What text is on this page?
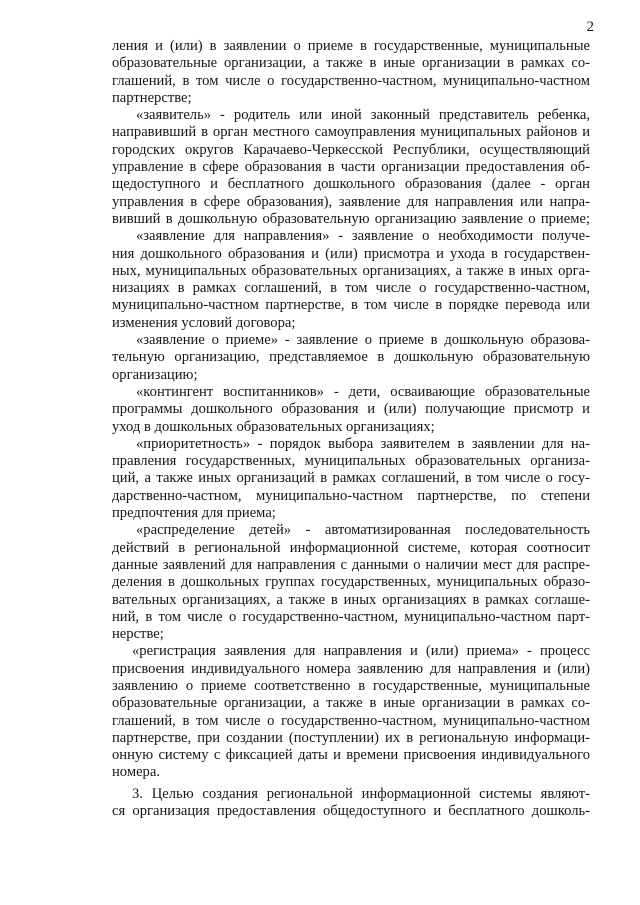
2
ления и (или) в заявлении о приеме в государственные, муниципальные
образовательные организации, а также в иные организации в рамках со-
глашений, в том числе о государственно-частном, муниципально-частном
партнерстве;
«заявитель» - родитель или иной законный представитель ребенка,
направивший в орган местного самоуправления муниципальных районов и
городских округов Карачаево-Черкесской Республики, осуществляющий
управление в сфере образования в части организации предоставления об-
щедоступного и бесплатного дошкольного образования (далее - орган
управления в сфере образования), заявление для направления или напра-
вивший в дошкольную образовательную организацию заявление о приеме;
«заявление для направления» - заявление о необходимости получе-
ния дошкольного образования и (или) присмотра и ухода в государствен-
ных, муниципальных образовательных организациях, а также в иных орга-
низациях в рамках соглашений, в том числе о государственно-частном,
муниципально-частном партнерстве, в том числе в порядке перевода или
изменения условий договора;
«заявление о приеме» - заявление о приеме в дошкольную образова-
тельную организацию, представляемое в дошкольную образовательную
организацию;
«контингент воспитанников» - дети, осваивающие образовательные
программы дошкольного образования и (или) получающие присмотр и
уход в дошкольных образовательных организациях;
«приоритетность» - порядок выбора заявителем в заявлении для на-
правления государственных, муниципальных образовательных организа-
ций, а также иных организаций в рамках соглашений, в том числе о госу-
дарственно-частном, муниципально-частном партнерстве, по степени
предпочтения для приема;
«распределение детей» - автоматизированная последовательность
действий в региональной информационной системе, которая соотносит
данные заявлений для направления с данными о наличии мест для распре-
деления в дошкольных группах государственных, муниципальных образо-
вательных организациях, а также в иных организациях в рамках соглаше-
ний, в том числе о государственно-частном, муниципально-частном парт-
нерстве;
«регистрация заявления для направления и (или) приема» - процесс
присвоения индивидуального номера заявлению для направления и (или)
заявлению о приеме соответственно в государственные, муниципальные
образовательные организации, а также в иные организации в рамках со-
глашений, в том числе о государственно-частном, муниципально-частном
партнерстве, при создании (поступлении) их в региональную информаци-
онную систему с фиксацией даты и времени присвоения индивидуального
номера.
3. Целью создания региональной информационной системы являют-
ся организация предоставления общедоступного и бесплатного дошколь-
